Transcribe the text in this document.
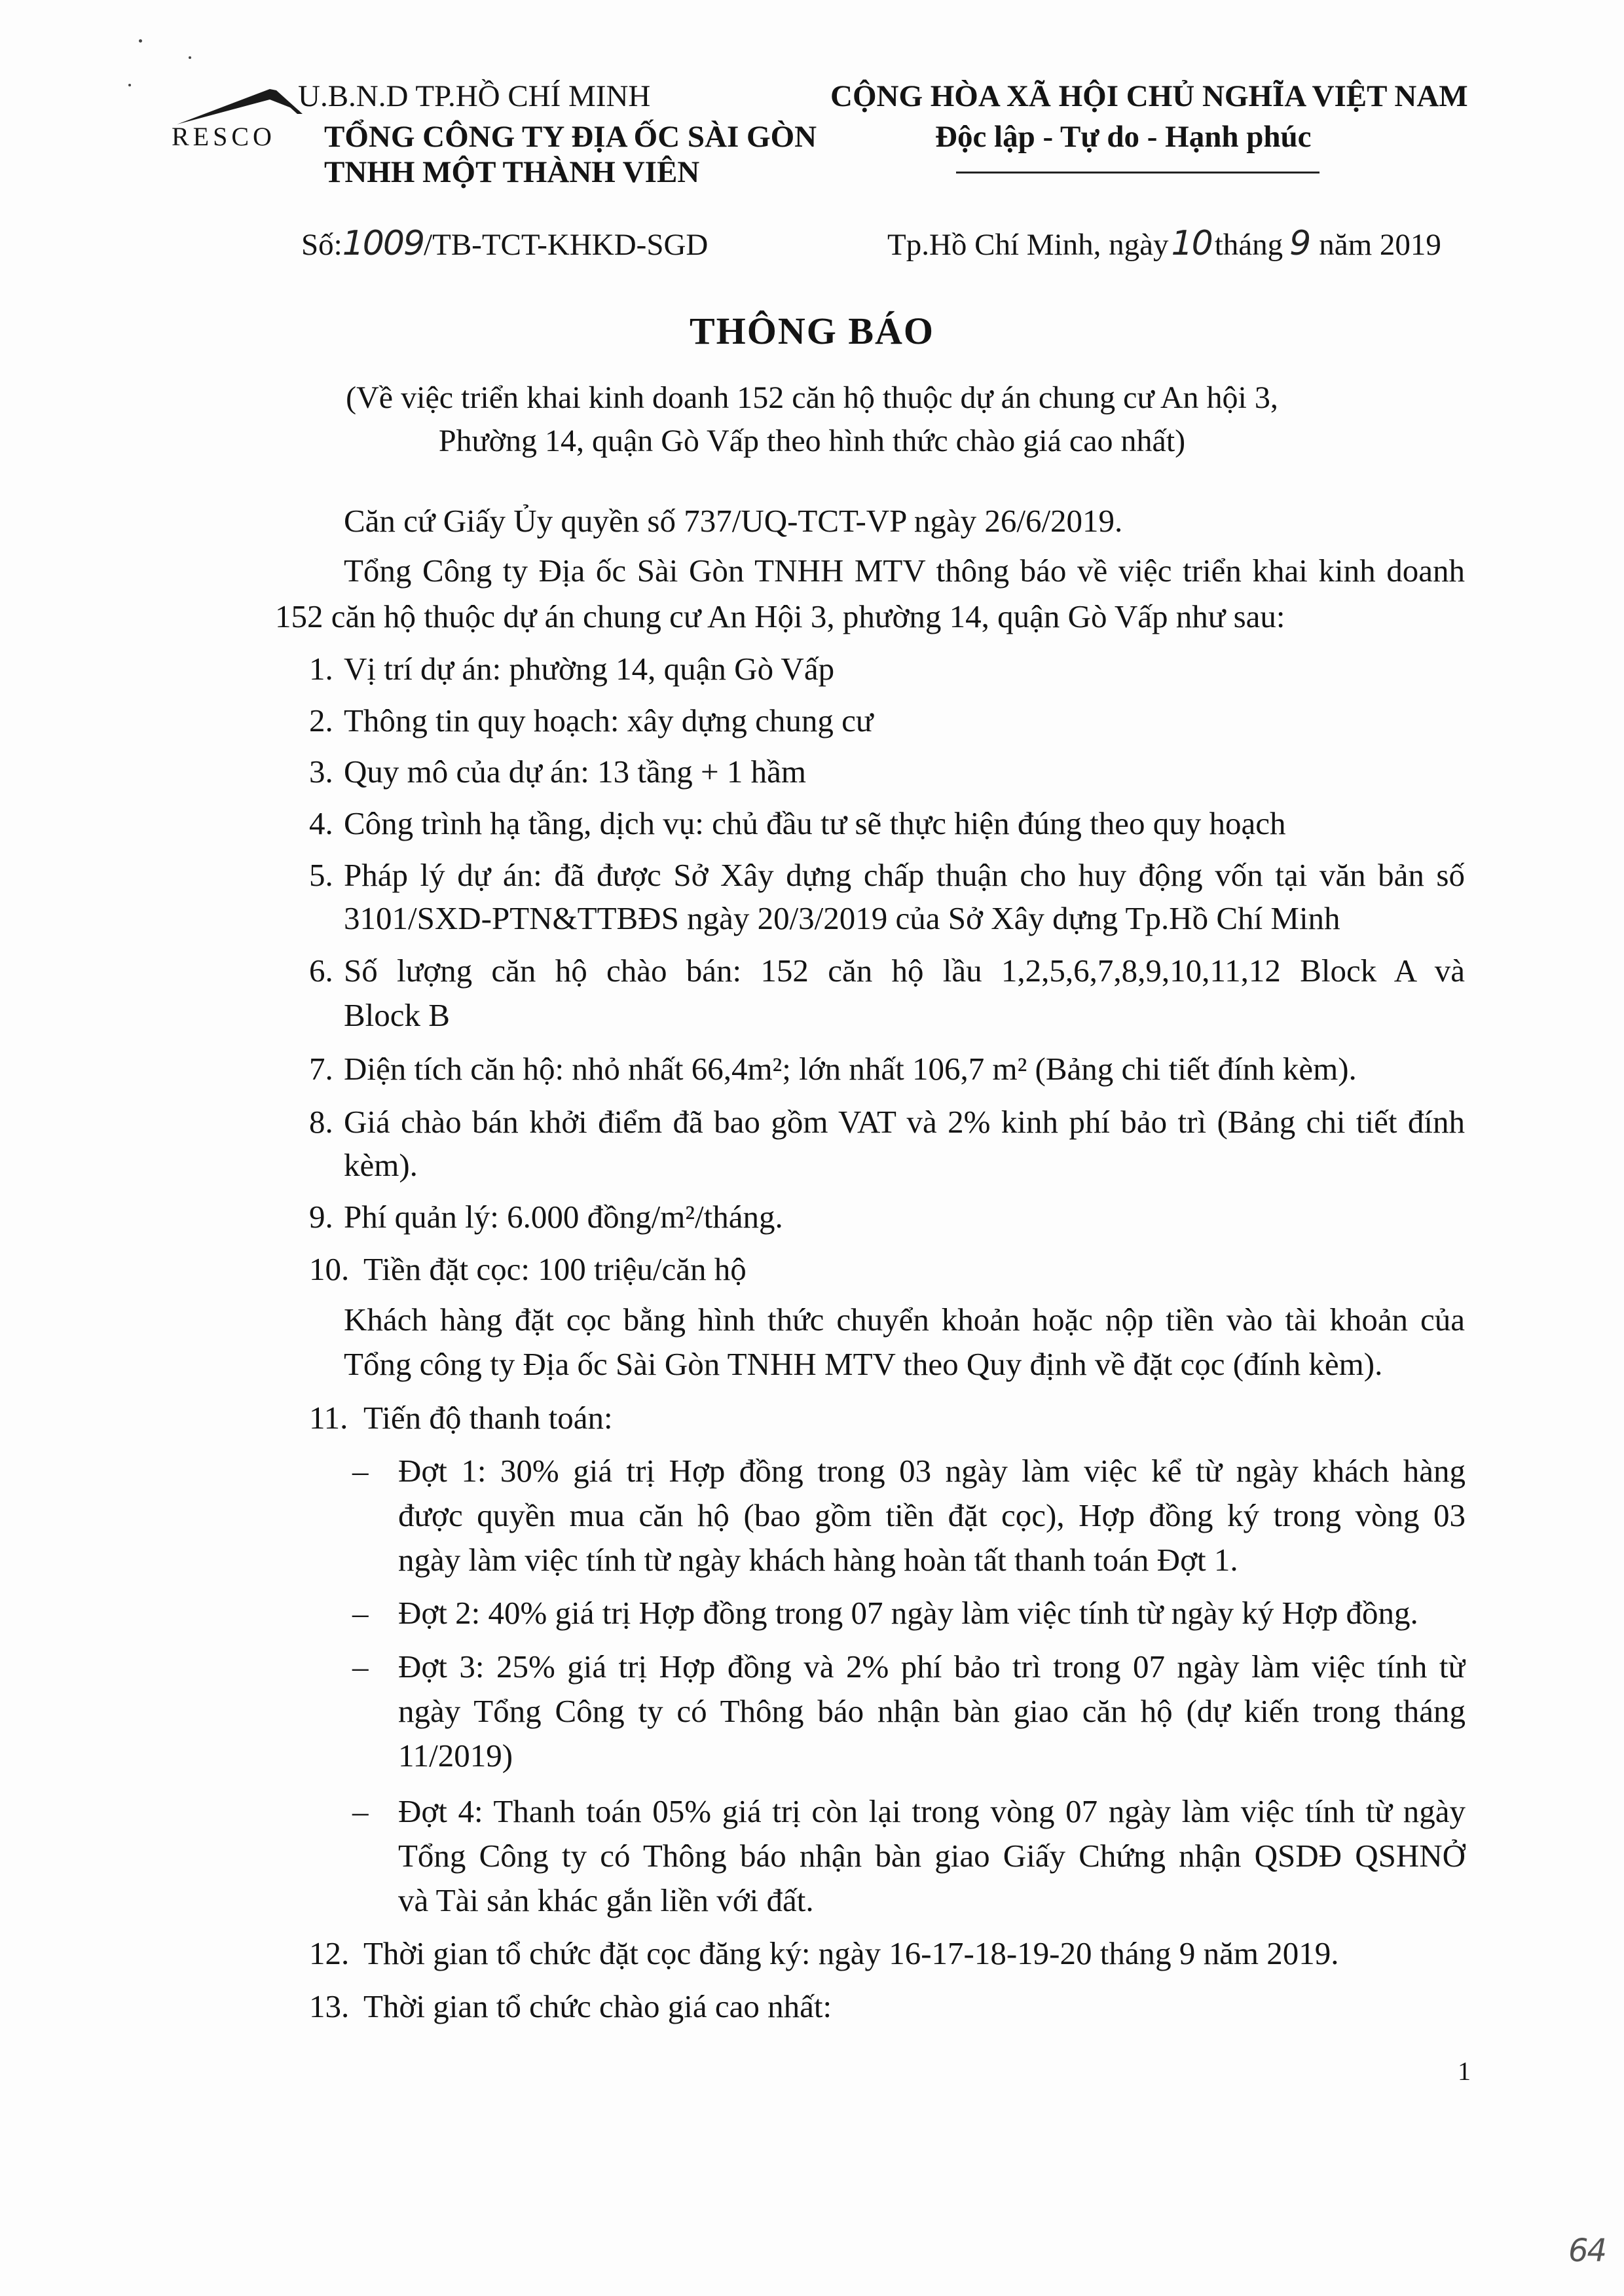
RESCO
U.B.N.D TP.HỒ CHÍ MINH
TỔNG CÔNG TY ĐỊA ỐC SÀI GÒN
TNHH MỘT THÀNH VIÊN
CỘNG HÒA XÃ HỘI CHỦ NGHĨA VIỆT NAM
Độc lập - Tự do - Hạnh phúc
Số:1009/TB-TCT-KHKD-SGD	Tp.Hồ Chí Minh, ngày10tháng 9 năm 2019
THÔNG BÁO
(Về việc triển khai kinh doanh 152 căn hộ thuộc dự án chung cư An hội 3,
Phường 14, quận Gò Vấp theo hình thức chào giá cao nhất)
Căn cứ Giấy Ủy quyền số 737/UQ-TCT-VP ngày 26/6/2019.
Tổng Công ty Địa ốc Sài Gòn TNHH MTV thông báo về việc triển khai kinh doanh
152 căn hộ thuộc dự án chung cư An Hội 3, phường 14, quận Gò Vấp như sau:
1. Vị trí dự án: phường 14, quận Gò Vấp
2. Thông tin quy hoạch: xây dựng chung cư
3. Quy mô của dự án: 13 tầng + 1 hầm
4. Công trình hạ tầng, dịch vụ: chủ đầu tư sẽ thực hiện đúng theo quy hoạch
5. Pháp lý dự án: đã được Sở Xây dựng chấp thuận cho huy động vốn tại văn bản số
3101/SXD-PTN&TTBĐS ngày 20/3/2019 của Sở Xây dựng Tp.Hồ Chí Minh
6. Số lượng căn hộ chào bán: 152 căn hộ lầu 1,2,5,6,7,8,9,10,11,12 Block A và
Block B
7. Diện tích căn hộ: nhỏ nhất 66,4m²; lớn nhất 106,7 m² (Bảng chi tiết đính kèm).
8. Giá chào bán khởi điểm đã bao gồm VAT và 2% kinh phí bảo trì (Bảng chi tiết đính
kèm).
9. Phí quản lý: 6.000 đồng/m²/tháng.
10. Tiền đặt cọc: 100 triệu/căn hộ
Khách hàng đặt cọc bằng hình thức chuyển khoản hoặc nộp tiền vào tài khoản của
Tổng công ty Địa ốc Sài Gòn TNHH MTV theo Quy định về đặt cọc (đính kèm).
11. Tiến độ thanh toán:
– Đợt 1: 30% giá trị Hợp đồng trong 03 ngày làm việc kể từ ngày khách hàng
được quyền mua căn hộ (bao gồm tiền đặt cọc), Hợp đồng ký trong vòng 03
ngày làm việc tính từ ngày khách hàng hoàn tất thanh toán Đợt 1.
– Đợt 2: 40% giá trị Hợp đồng trong 07 ngày làm việc tính từ ngày ký Hợp đồng.
– Đợt 3: 25% giá trị Hợp đồng và 2% phí bảo trì trong 07 ngày làm việc tính từ
ngày Tổng Công ty có Thông báo nhận bàn giao căn hộ (dự kiến trong tháng
11/2019)
– Đợt 4: Thanh toán 05% giá trị còn lại trong vòng 07 ngày làm việc tính từ ngày
Tổng Công ty có Thông báo nhận bàn giao Giấy Chứng nhận QSDĐ QSHNỞ
và Tài sản khác gắn liền với đất.
12. Thời gian tổ chức đặt cọc đăng ký: ngày 16-17-18-19-20 tháng 9 năm 2019.
13. Thời gian tổ chức chào giá cao nhất:
1
64
